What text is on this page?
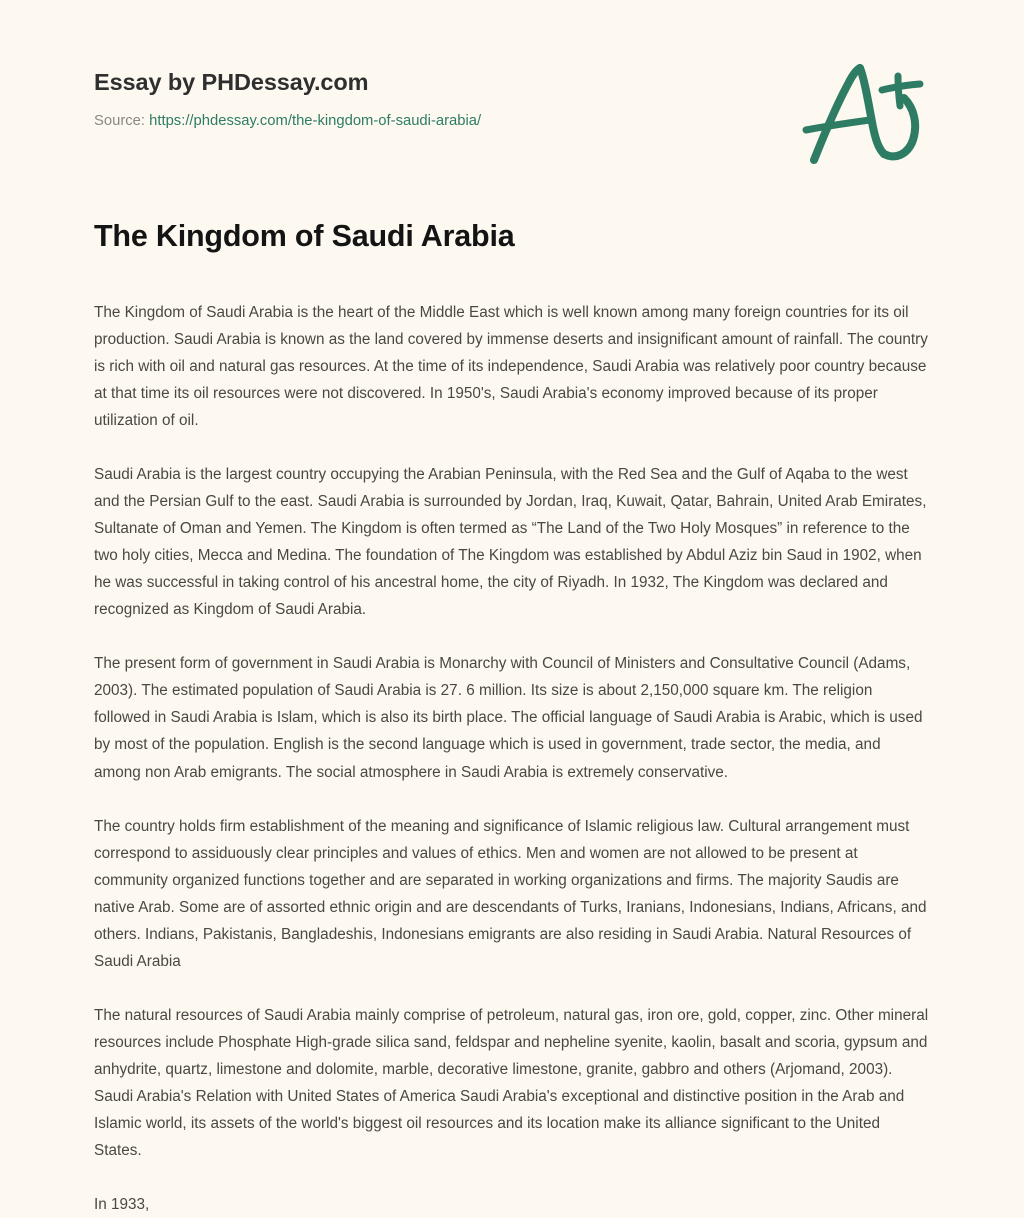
Essay by PHDessay.com
Source: https://phdessay.com/the-kingdom-of-saudi-arabia/
The Kingdom of Saudi Arabia

The Kingdom of Saudi Arabia is the heart of the Middle East which is well known among many foreign countries for its oil production. Saudi Arabia is known as the land covered by immense deserts and insignificant amount of rainfall. The country is rich with oil and natural gas resources. At the time of its independence, Saudi Arabia was relatively poor country because at that time its oil resources were not discovered. In 1950's, Saudi Arabia's economy improved because of its proper utilization of oil.

Saudi Arabia is the largest country occupying the Arabian Peninsula, with the Red Sea and the Gulf of Aqaba to the west and the Persian Gulf to the east. Saudi Arabia is surrounded by Jordan, Iraq, Kuwait, Qatar, Bahrain, United Arab Emirates, Sultanate of Oman and Yemen. The Kingdom is often termed as “The Land of the Two Holy Mosques” in reference to the two holy cities, Mecca and Medina. The foundation of The Kingdom was established by Abdul Aziz bin Saud in 1902, when he was successful in taking control of his ancestral home, the city of Riyadh. In 1932, The Kingdom was declared and recognized as Kingdom of Saudi Arabia.

The present form of government in Saudi Arabia is Monarchy with Council of Ministers and Consultative Council (Adams, 2003). The estimated population of Saudi Arabia is 27. 6 million. Its size is about 2,150,000 square km. The religion followed in Saudi Arabia is Islam, which is also its birth place. The official language of Saudi Arabia is Arabic, which is used by most of the population. English is the second language which is used in government, trade sector, the media, and among non Arab emigrants. The social atmosphere in Saudi Arabia is extremely conservative.

The country holds firm establishment of the meaning and significance of Islamic religious law. Cultural arrangement must correspond to assiduously clear principles and values of ethics. Men and women are not allowed to be present at community organized functions together and are separated in working organizations and firms. The majority Saudis are native Arab. Some are of assorted ethnic origin and are descendants of Turks, Iranians, Indonesians, Indians, Africans, and others. Indians, Pakistanis, Bangladeshis, Indonesians emigrants are also residing in Saudi Arabia. Natural Resources of Saudi Arabia

The natural resources of Saudi Arabia mainly comprise of petroleum, natural gas, iron ore, gold, copper, zinc. Other mineral resources include Phosphate High-grade silica sand, feldspar and nepheline syenite, kaolin, basalt and scoria, gypsum and anhydrite, quartz, limestone and dolomite, marble, decorative limestone, granite, gabbro and others (Arjomand, 2003). Saudi Arabia's Relation with United States of America Saudi Arabia's exceptional and distinctive position in the Arab and Islamic world, its assets of the world's biggest oil resources and its location make its alliance significant to the United States.

In 1933,
